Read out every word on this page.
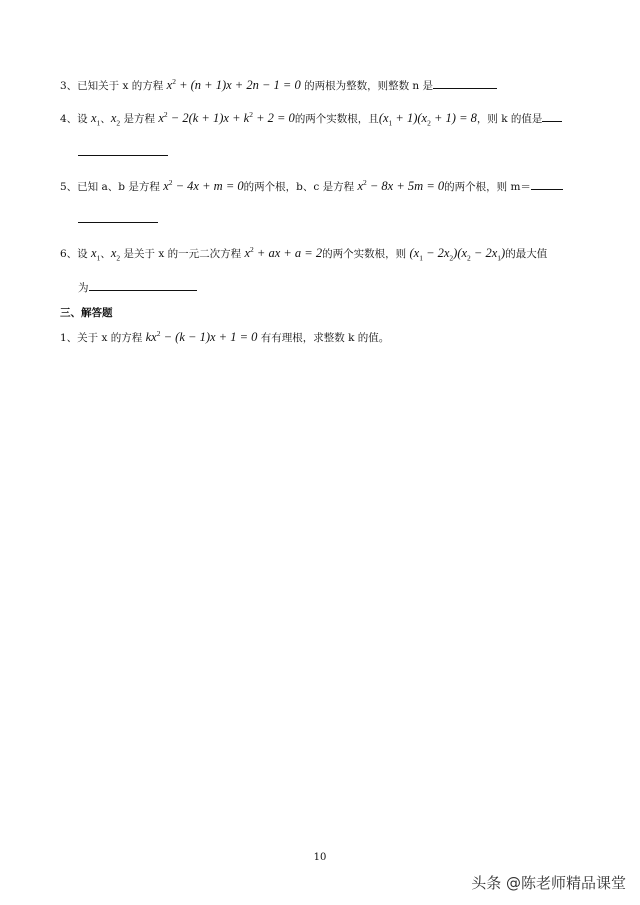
3、已知关于 x 的方程 $x^2 + (n + 1)x + 2n - 1 = 0$ 的两根为整数，则整数 n 是
4、设 $x_1$、$x_2$ 是方程 $x^2 - 2(k + 1)x + k^2 + 2 = 0$的两个实数根，且$(x_1 + 1)(x_2 + 1) = 8$，则 k 的值是
5、已知 a、b 是方程 $x^2 - 4x + m = 0$的两个根，b、c 是方程 $x^2 - 8x + 5m = 0$的两个根，则 m＝
6、设 $x_1$、$x_2$ 是关于 x 的一元二次方程 $x^2$ + ax + a = 2的两个实数根，则 $(x_1 - 2x_2)(x_2 - 2x_1)$的最大值
为
三、解答题
1、关于 x 的方程 $kx^2 - (k - 1)x + 1 = 0$ 有有理根，求整数 k 的值。
10
头条 @陈老师精品课堂
